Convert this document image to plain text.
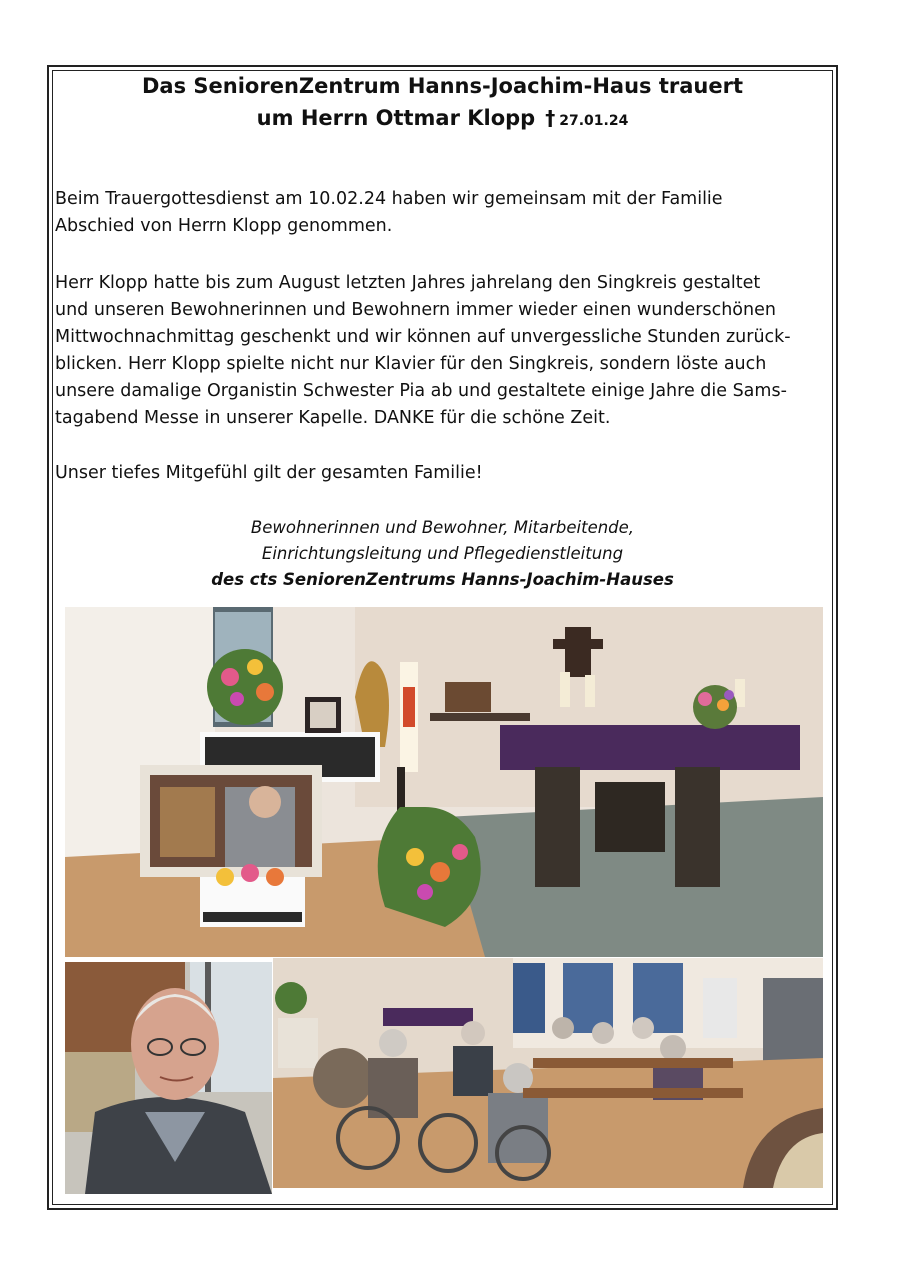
Das SeniorenZentrum Hanns-Joachim-Haus trauert
um Herrn Ottmar Klopp † 27.01.24

Beim Trauergottesdienst am 10.02.24 haben wir gemeinsam mit der Familie
Abschied von Herrn Klopp genommen.

Herr Klopp hatte bis zum August letzten Jahres jahrelang den Singkreis gestaltet
und unseren Bewohnerinnen und Bewohnern immer wieder einen wunderschönen
Mittwochnachmittag geschenkt und wir können auf unvergessliche Stunden zurück-
blicken. Herr Klopp spielte nicht nur Klavier für den Singkreis, sondern löste auch
unsere damalige Organistin Schwester Pia ab und gestaltete einige Jahre die Sams-
tagabend Messe in unserer Kapelle. DANKE für die schöne Zeit.

Unser tiefes Mitgefühl gilt der gesamten Familie!

Bewohnerinnen und Bewohner, Mitarbeitende,
Einrichtungsleitung und Pflegedienstleitung
des cts SeniorenZentrums Hanns-Joachim-Hauses
